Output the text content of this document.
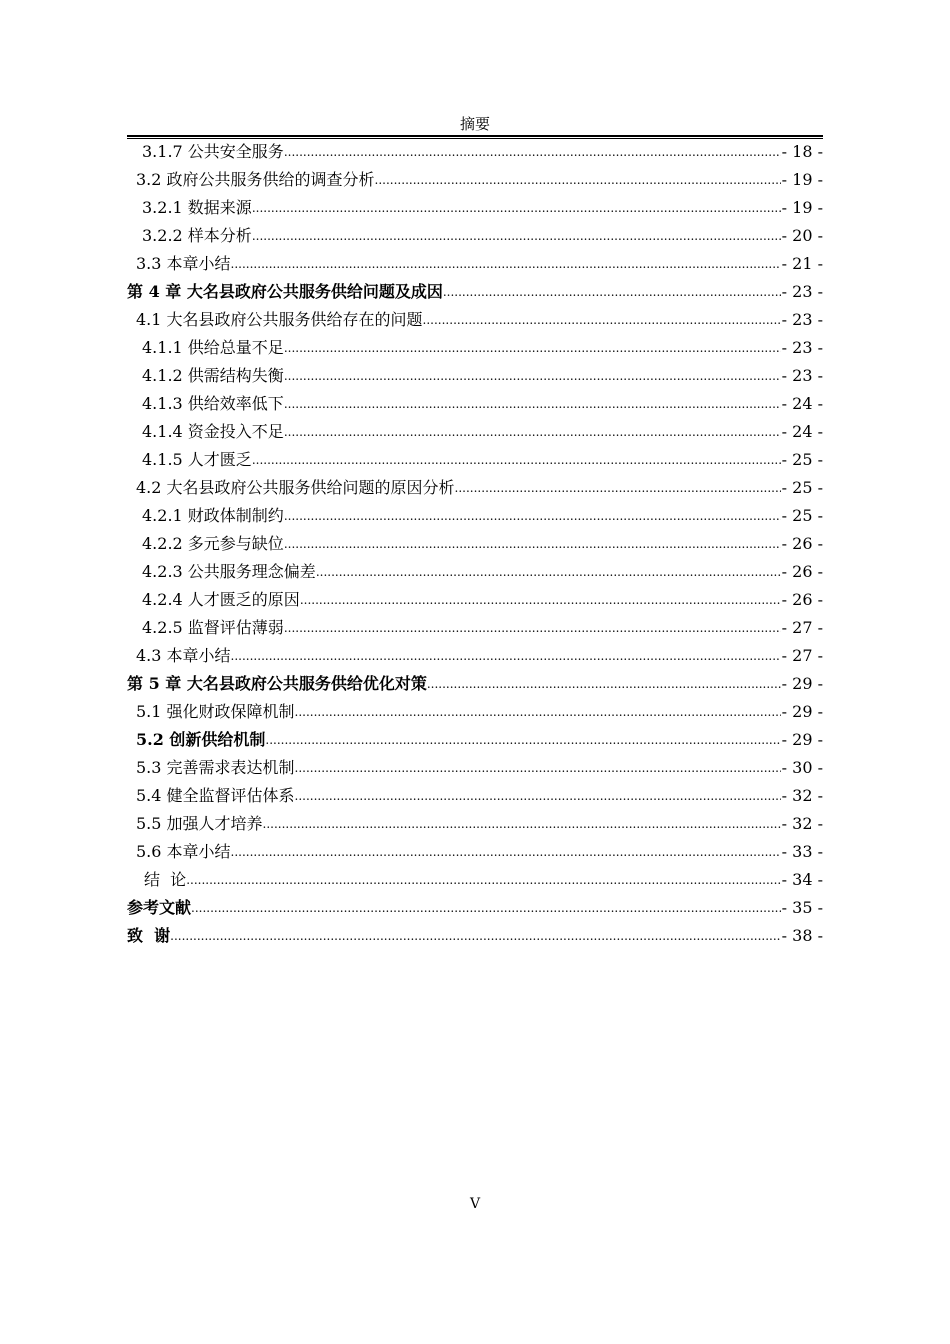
摘要
3.1.7 公共安全服务 .....	- 18 -
3.2 政府公共服务供给的调查分析 .....	- 19 -
3.2.1 数据来源 .....	- 19 -
3.2.2 样本分析 .....	- 20 -
3.3 本章小结 .....	- 21 -
第 4 章 大名县政府公共服务供给问题及成因 .....	- 23 -
4.1 大名县政府公共服务供给存在的问题 .....	- 23 -
4.1.1 供给总量不足 .....	- 23 -
4.1.2 供需结构失衡 .....	- 23 -
4.1.3 供给效率低下 .....	- 24 -
4.1.4 资金投入不足 .....	- 24 -
4.1.5 人才匮乏 .....	- 25 -
4.2 大名县政府公共服务供给问题的原因分析 .....	- 25 -
4.2.1 财政体制制约 .....	- 25 -
4.2.2 多元参与缺位 .....	- 26 -
4.2.3 公共服务理念偏差 .....	- 26 -
4.2.4 人才匮乏的原因 .....	- 26 -
4.2.5 监督评估薄弱 .....	- 27 -
4.3 本章小结 .....	- 27 -
第 5 章 大名县政府公共服务供给优化对策 .....	- 29 -
5.1 强化财政保障机制 .....	- 29 -
5.2 创新供给机制 .....	- 29 -
5.3 完善需求表达机制 .....	- 30 -
5.4 健全监督评估体系 .....	- 32 -
5.5 加强人才培养 .....	- 32 -
5.6 本章小结 .....	- 33 -
结  论 .....	- 34 -
参考文献 .....	- 35 -
致  谢 .....	- 38 -
V
